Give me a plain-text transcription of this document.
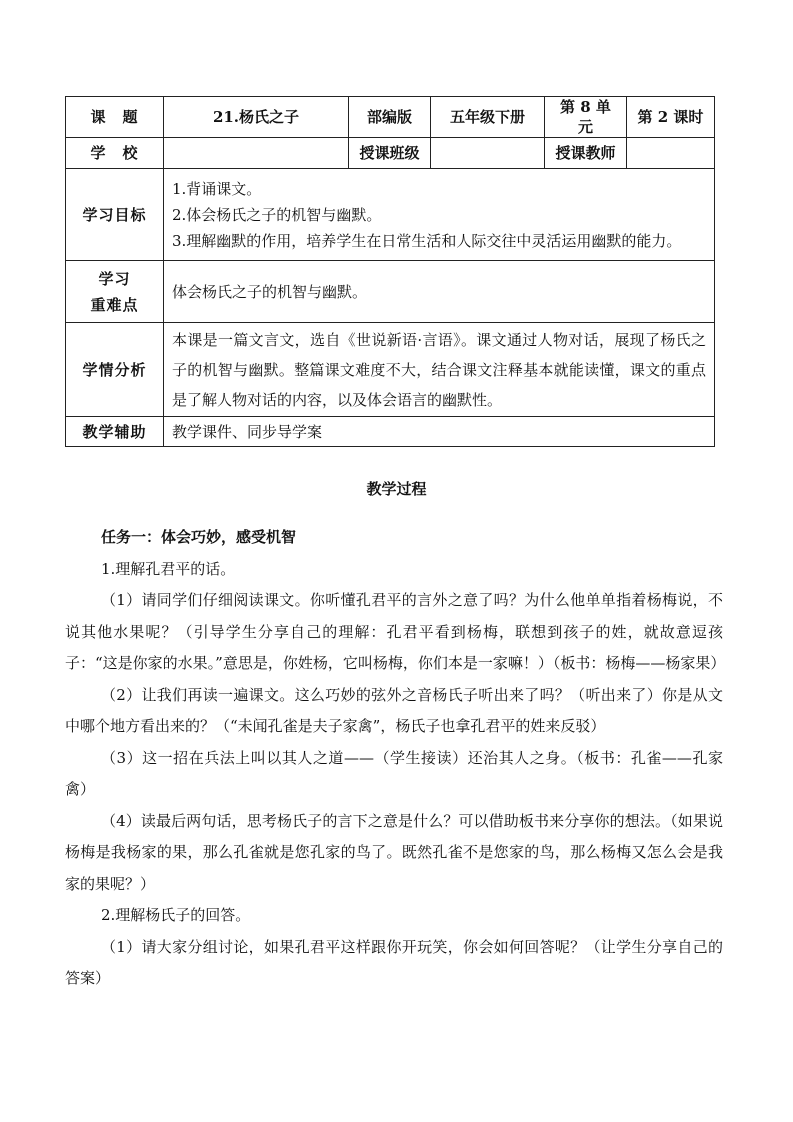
课　题	21.杨氏之子	部编版	五年级下册	第 8 单元	第 2 课时
学　校		授课班级		授课教师	
学习目标	1.背诵课文。
2.体会杨氏之子的机智与幽默。
3.理解幽默的作用，培养学生在日常生活和人际交往中灵活运用幽默的能力。				

学习
重难点	体会杨氏之子的机智与幽默。				
学情分析	本课是一篇文言文，选自《世说新语·言语》。课文通过人物对话，展现了杨氏之子的机智与幽默。整篇课文难度不大，结合课文注释基本就能读懂，课文的重点是了解人物对话的内容，以及体会语言的幽默性。				
教学辅助	教学课件、同步导学案				
教学过程

任务一：体会巧妙，感受机智

1.理解孔君平的话。

（1）请同学们仔细阅读课文。你听懂孔君平的言外之意了吗？为什么他单单指着杨梅说，不说其他水果呢？（引导学生分享自己的理解：孔君平看到杨梅，联想到孩子的姓，就故意逗孩子：“这是你家的水果。”意思是，你姓杨，它叫杨梅，你们本是一家嘛！）（板书：杨梅——杨家果）

（2）让我们再读一遍课文。这么巧妙的弦外之音杨氏子听出来了吗？（听出来了）你是从文中哪个地方看出来的？（“未闻孔雀是夫子家禽”，杨氏子也拿孔君平的姓来反驳）

（3）这一招在兵法上叫以其人之道——（学生接读）还治其人之身。（板书：孔雀——孔家禽）

（4）读最后两句话，思考杨氏子的言下之意是什么？可以借助板书来分享你的想法。（如果说杨梅是我杨家的果，那么孔雀就是您孔家的鸟了。既然孔雀不是您家的鸟，那么杨梅又怎么会是我家的果呢？）

2.理解杨氏子的回答。

（1）请大家分组讨论，如果孔君平这样跟你开玩笑，你会如何回答呢？（让学生分享自己的答案）
